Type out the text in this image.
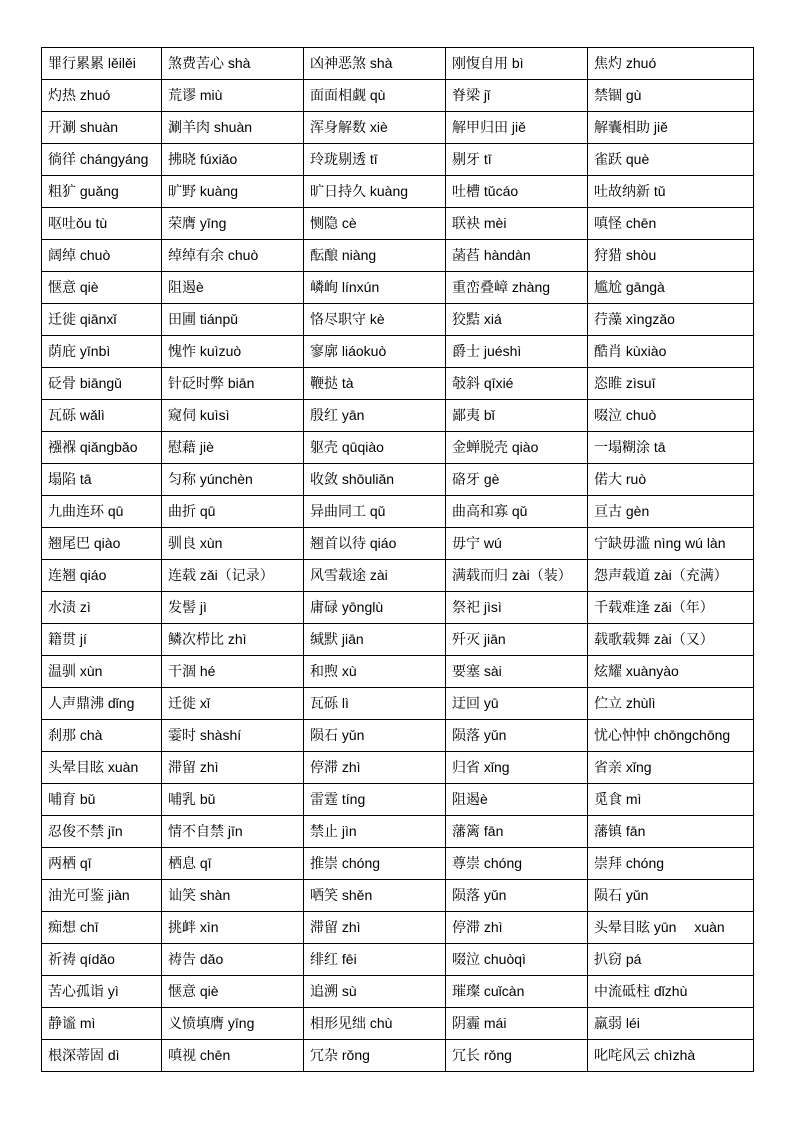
罪行累累 lěilěi	煞费苦心 shà	凶神恶煞 shà	刚愎自用 bì	焦灼 zhuó
灼热 zhuó	荒谬 miù	面面相觑 qù	脊梁 jǐ	禁锢 gù
开涮 shuàn	涮羊肉 shuàn	浑身解数 xiè	解甲归田 jiě	解囊相助 jiě
徜徉 chángyáng	拂晓 fúxiǎo	玲珑剔透 tī	剔牙 tī	雀跃 què
粗犷 guǎng	旷野 kuàng	旷日持久 kuàng	吐槽 tǔcáo	吐故纳新 tǔ
呕吐ǒu tù	荣膺 yīng	恻隐 cè	联袂 mèi	嗔怪 chēn
阔绰 chuò	绰绰有余 chuò	酝酿 niàng	菡萏 hàndàn	狩猎 shòu
惬意 qiè	阻遏è	嶙峋 línxún	重峦叠嶂 zhàng	尴尬 gāngà
迁徙 qiānxǐ	田圃 tiánpǔ	恪尽职守 kè	狡黠 xiá	荇藻 xìngzǎo
荫庇 yīnbì	愧怍 kuìzuò	寥廓 liáokuò	爵士 juéshì	酷肖 kùxiào
砭骨 biāngǔ	针砭时弊 biān	鞭挞 tà	攲斜 qīxié	恣睢 zìsuī
瓦砾 wǎlì	窥伺 kuìsì	殷红 yān	鄙夷 bǐ	啜泣 chuò
襁褓 qiǎngbǎo	慰藉 jiè	躯壳 qūqiào	金蝉脱壳 qiào	一塌糊涂 tā
塌陷 tā	匀称 yúnchèn	收敛 shōuliǎn	硌牙 gè	偌大 ruò
九曲连环 qū	曲折 qū	异曲同工 qǔ	曲高和寡 qǔ	亘古 gèn
翘尾巴 qiào	驯良 xùn	翘首以待 qiáo	毋宁 wú	宁缺毋滥 nìng wú làn
连翘 qiáo	连载 zǎi（记录）	风雪载途 zài	满载而归 zài（装）	怨声载道 zài（充满）
水渍 zì	发髻 jì	庸碌 yōnglù	祭祀 jìsì	千载难逢 zǎi（年）
籍贯 jí	鳞次栉比 zhì	缄默 jiān	歼灭 jiān	载歌载舞 zài（又）
温驯 xùn	干涸 hé	和煦 xù	要塞 sài	炫耀 xuànyào
人声鼎沸 dǐng	迁徙 xǐ	瓦砾 lì	迂回 yū	伫立 zhùlì
刹那 chà	霎时 shàshí	陨石 yǔn	陨落 yǔn	忧心忡忡 chōngchōng
头晕目眩 xuàn	滞留 zhì	停滞 zhì	归省 xǐng	省亲 xǐng
哺育 bǔ	哺乳 bǔ	雷霆 tíng	阻遏è	觅食 mì
忍俊不禁 jīn	情不自禁 jīn	禁止 jìn	藩篱 fān	藩镇 fān
两栖 qī	栖息 qī	推崇 chóng	尊崇 chóng	崇拜 chóng
油光可鉴 jiàn	讪笑 shàn	哂笑 shěn	陨落 yǔn	陨石 yǔn
痴想 chī	挑衅 xìn	滞留 zhì	停滞 zhì	头晕目眩 yūn　 xuàn
祈祷 qídǎo	祷告 dǎo	绯红 fēi	啜泣 chuòqì	扒窃 pá
苦心孤诣 yì	惬意 qiè	追溯 sù	璀璨 cuǐcàn	中流砥柱 dǐzhù
静谧 mì	义愤填膺 yīng	相形见绌 chù	阴霾 mái	羸弱 léi
根深蒂固 dì	嗔视 chēn	冗杂 rǒng	冗长 rǒng	叱咤风云 chìzhà
